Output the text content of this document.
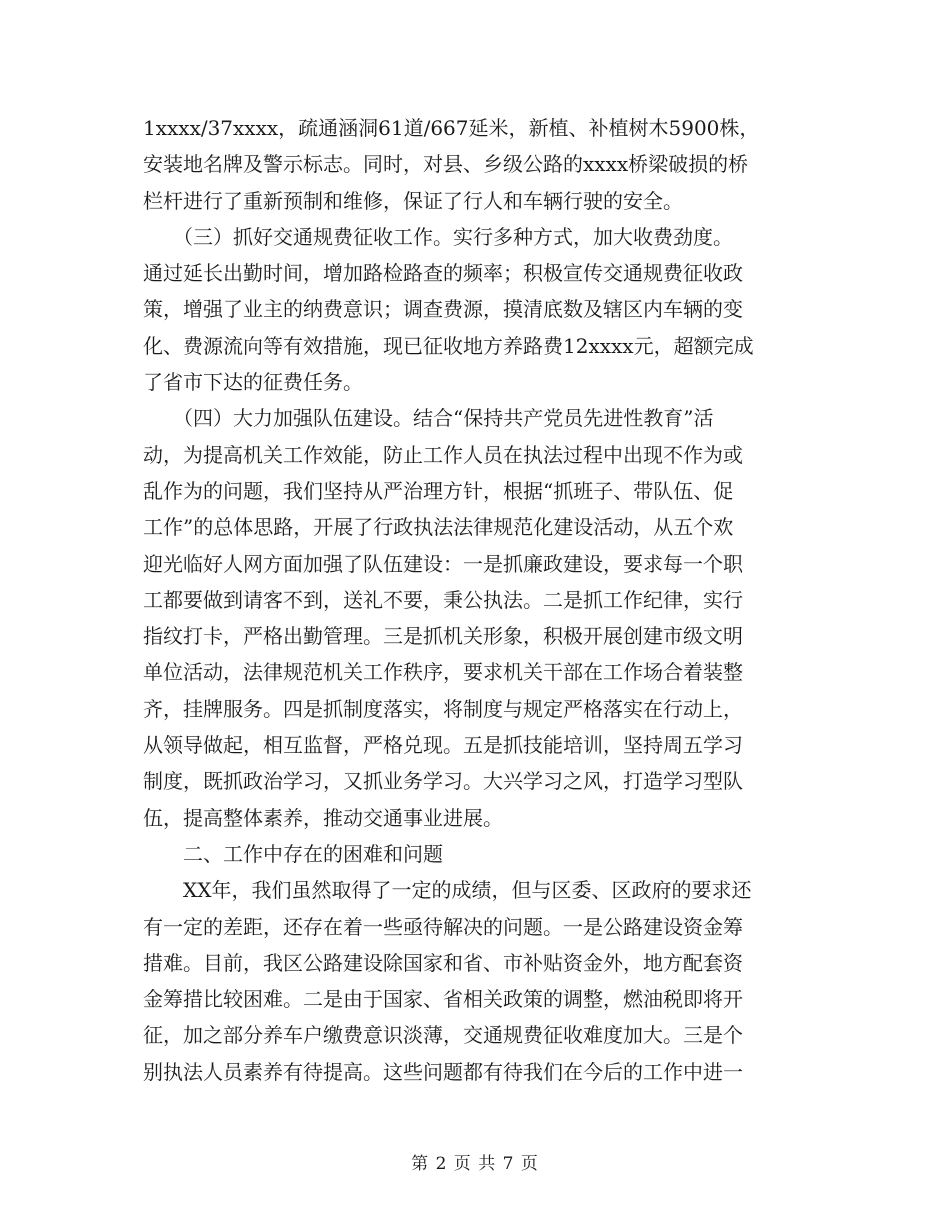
1xxxx/37xxxx，疏通涵洞61道/667延米，新植、补植树木5900株，
安装地名牌及警示标志。同时，对县、乡级公路的xxxx桥梁破损的桥
栏杆进行了重新预制和维修，保证了行人和车辆行驶的安全。
　　（三）抓好交通规费征收工作。实行多种方式，加大收费劲度。
通过延长出勤时间，增加路检路查的频率；积极宣传交通规费征收政
策，增强了业主的纳费意识；调查费源，摸清底数及辖区内车辆的变
化、费源流向等有效措施，现已征收地方养路费12xxxx元，超额完成
了省市下达的征费任务。
　　（四）大力加强队伍建设。结合“保持共产党员先进性教育”活
动，为提高机关工作效能，防止工作人员在执法过程中出现不作为或
乱作为的问题，我们坚持从严治理方针，根据“抓班子、带队伍、促
工作”的总体思路，开展了行政执法法律规范化建设活动，从五个欢
迎光临好人网方面加强了队伍建设：一是抓廉政建设，要求每一个职
工都要做到请客不到，送礼不要，秉公执法。二是抓工作纪律，实行
指纹打卡，严格出勤管理。三是抓机关形象，积极开展创建市级文明
单位活动，法律规范机关工作秩序，要求机关干部在工作场合着装整
齐，挂牌服务。四是抓制度落实，将制度与规定严格落实在行动上，
从领导做起，相互监督，严格兑现。五是抓技能培训，坚持周五学习
制度，既抓政治学习，又抓业务学习。大兴学习之风，打造学习型队
伍，提高整体素养，推动交通事业进展。
　　二、工作中存在的困难和问题
　　XX年，我们虽然取得了一定的成绩，但与区委、区政府的要求还
有一定的差距，还存在着一些亟待解决的问题。一是公路建设资金筹
措难。目前，我区公路建设除国家和省、市补贴资金外，地方配套资
金筹措比较困难。二是由于国家、省相关政策的调整，燃油税即将开
征，加之部分养车户缴费意识淡薄，交通规费征收难度加大。三是个
别执法人员素养有待提高。这些问题都有待我们在今后的工作中进一
第 2 页 共 7 页
